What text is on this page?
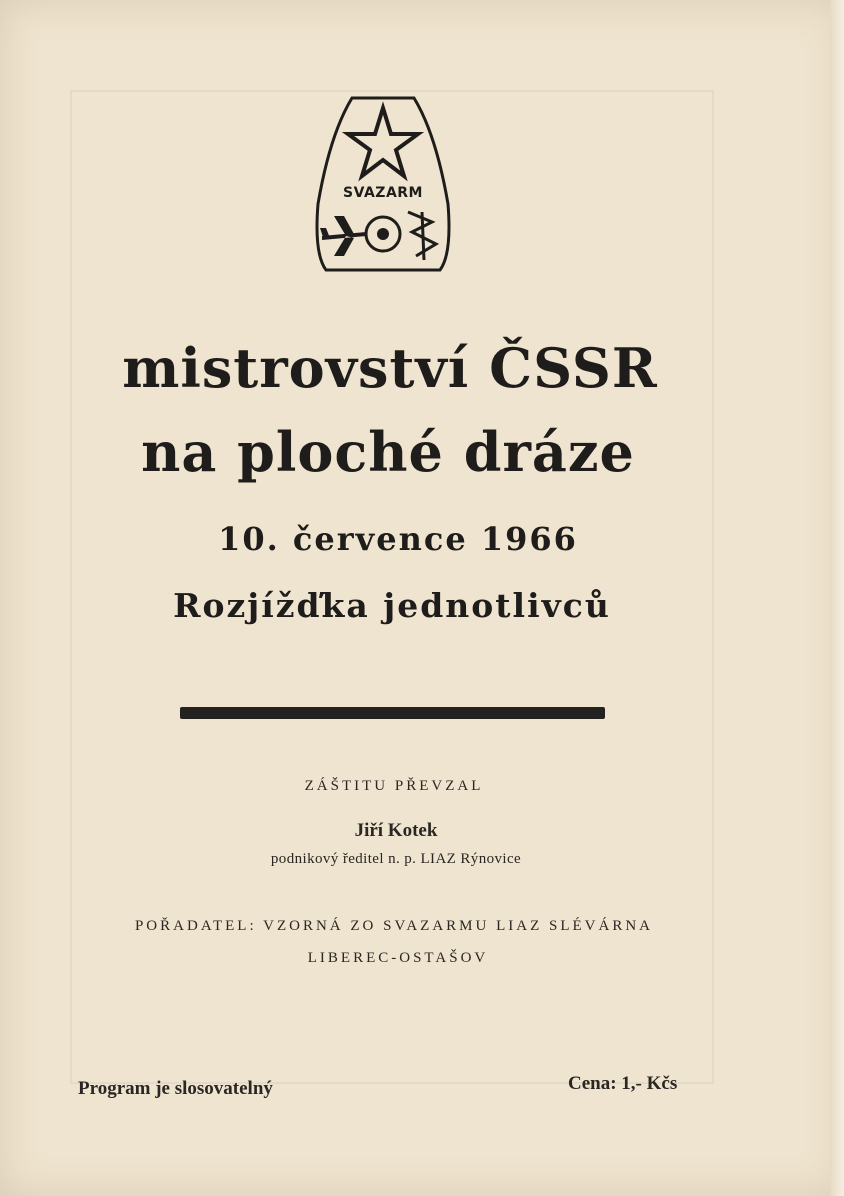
SVAZARM
mistrovství ČSSR
na ploché dráze
10. července 1966
Rozjížďka jednotlivců
ZÁŠTITU PŘEVZAL
Jiří Kotek
podnikový ředitel n. p. LIAZ Rýnovice
POŘADATEL: VZORNÁ ZO SVAZARMU LIAZ SLÉVÁRNA
LIBEREC-OSTAŠOV
Program je slosovatelný	Cena: 1,- Kčs
